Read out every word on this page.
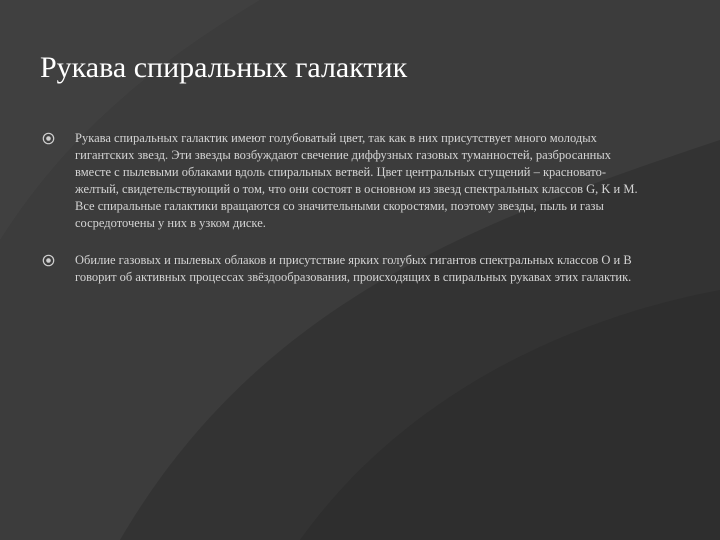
Рукава спиральных галактик
Рукава спиральных галактик имеют голубоватый цвет, так как в них присутствует много молодых гигантских звезд. Эти звезды возбуждают свечение диффузных газовых туманностей, разбросанных вместе с пылевыми облаками вдоль спиральных ветвей. Цвет центральных сгущений – красновато- желтый, свидетельствующий о том, что они состоят в основном из звезд спектральных классов G, K и M. Все спиральные галактики вращаются со значительными скоростями, поэтому звезды, пыль и газы сосредоточены у них в узком диске.
Обилие газовых и пылевых облаков и присутствие ярких голубых гигантов спектральных классов O и B говорит об активных процессах звёздообразования, происходящих в спиральных рукавах этих галактик.
